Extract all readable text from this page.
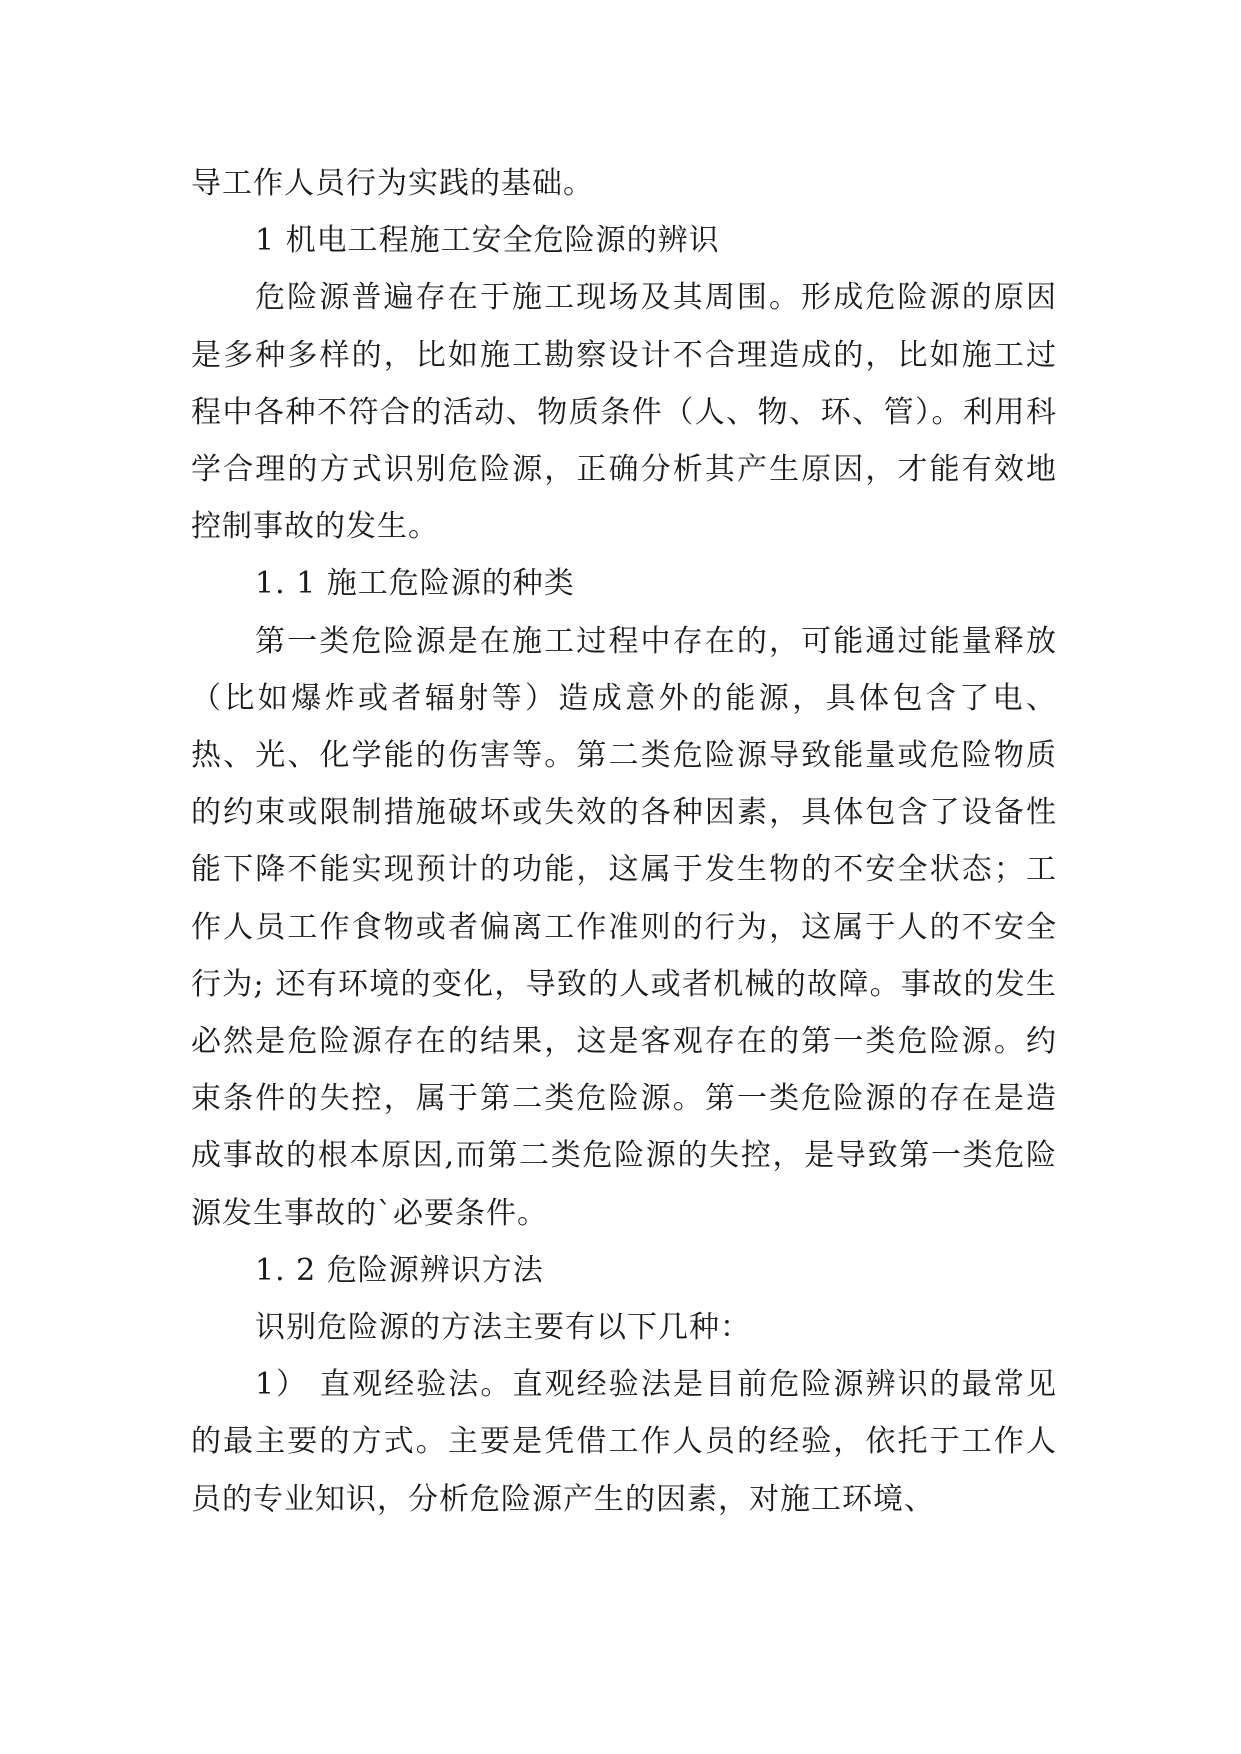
导工作人员行为实践的基础。

1 机电工程施工安全危险源的辨识

危险源普遍存在于施工现场及其周围。形成危险源的原因是多种多样的，比如施工勘察设计不合理造成的，比如施工过程中各种不符合的活动、物质条件（人、物、环、管）。利用科学合理的方式识别危险源，正确分析其产生原因，才能有效地控制事故的发生。

1. 1 施工危险源的种类

第一类危险源是在施工过程中存在的，可能通过能量释放（比如爆炸或者辐射等）造成意外的能源，具体包含了电、热、光、化学能的伤害等。第二类危险源导致能量或危险物质的约束或限制措施破坏或失效的各种因素，具体包含了设备性能下降不能实现预计的功能，这属于发生物的不安全状态；工作人员工作食物或者偏离工作准则的行为，这属于人的不安全行为; 还有环境的变化，导致的人或者机械的故障。事故的发生必然是危险源存在的结果，这是客观存在的第一类危险源。约束条件的失控，属于第二类危险源。第一类危险源的存在是造成事故的根本原因,而第二类危险源的失控，是导致第一类危险源发生事故的`必要条件。

1. 2 危险源辨识方法

识别危险源的方法主要有以下几种：

1） 直观经验法。直观经验法是目前危险源辨识的最常见的最主要的方式。主要是凭借工作人员的经验，依托于工作人员的专业知识，分析危险源产生的因素，对施工环境、
